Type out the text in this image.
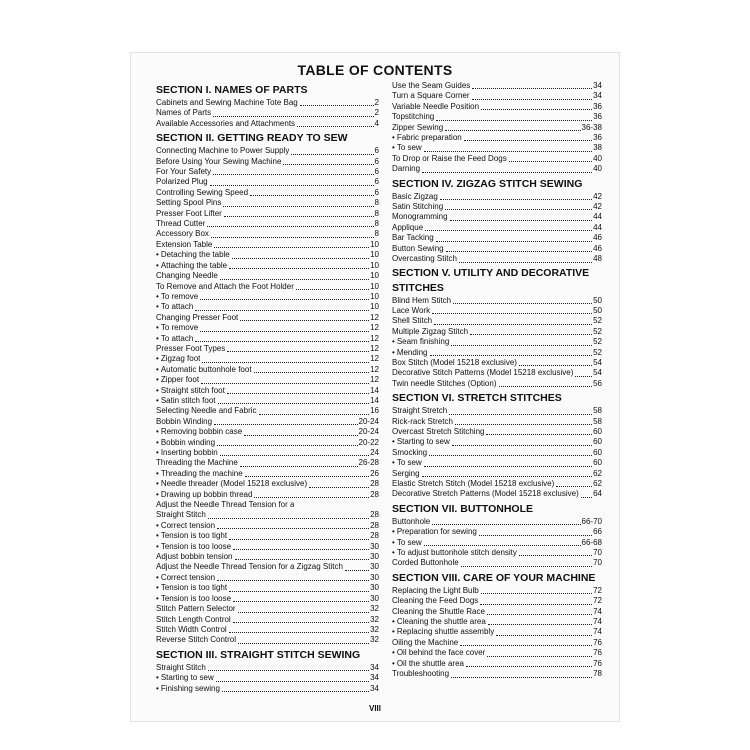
TABLE OF CONTENTS
SECTION I. NAMES OF PARTS
Cabinets and Sewing Machine Tote Bag	2
Names of Parts	2
Available Accessories and Attachments	4
SECTION II. GETTING READY TO SEW
Connecting Machine to Power Supply	6
Before Using Your Sewing Machine	6
For Your Safety	6
Polarized Plug	6
Controlling Sewing Speed	6
Setting Spool Pins	8
Presser Foot Lifter	8
Thread Cutter	8
Accessory Box	8
Extension Table	10
• Detaching the table	10
• Attaching the table	10
Changing Needle	10
To Remove and Attach the Foot Holder	10
• To remove	10
• To attach	10
Changing Presser Foot	12
• To remove	12
• To attach	12
Presser Foot Types	12
• Zigzag foot	12
• Automatic buttonhole foot	12
• Zipper foot	12
• Straight stitch foot	14
• Satin stitch foot	14
Selecting Needle and Fabric	16
Bobbin Winding	20-24
• Removing bobbin case	20-24
• Bobbin winding	20-22
• Inserting bobbin	24
Threading the Machine	26-28
• Threading the machine	26
• Needle threader (Model 15218 exclusive)	28
• Drawing up bobbin thread	28
Adjust the Needle Thread Tension for a
Straight Stitch	28
• Correct tension	28
• Tension is too tight	28
• Tension is too loose	30
Adjust bobbin tension	30
Adjust the Needle Thread Tension for a Zigzag Stitch	30
• Correct tension	30
• Tension is too tight	30
• Tension is too loose	30
Stitch Pattern Selector	32
Stitch Length Control	32
Stitch Width Control	32
Reverse Stitch Control	32
SECTION III. STRAIGHT STITCH SEWING
Straight Stitch	34
• Starting to sew	34
• Finishing sewing	34
Use the Seam Guides	34
Turn a Square Corner	34
Variable Needle Position	36
Topstitching	36
Zipper Sewing	36-38
• Fabric preparation	36
• To sew	38
To Drop or Raise the Feed Dogs	40
Darning	40
SECTION IV. ZIGZAG STITCH SEWING
Basic Zigzag	42
Satin Stitching	42
Monogramming	44
Applique	44
Bar Tacking	46
Button Sewing	46
Overcasting Stitch	48
SECTION V. UTILITY AND DECORATIVE STITCHES
Blind Hem Stitch	50
Lace Work	50
Shell Stitch	52
Multiple Zigzag Stitch	52
• Seam finishing	52
• Mending	52
Box Stitch (Model 15218 exclusive)	54
Decorative Stitch Patterns (Model 15218 exclusive) 54
Twin needle Stitches (Option)	56
SECTION VI. STRETCH STITCHES
Straight Stretch	58
Rick-rack Stretch	58
Overcast Stretch Stitching	60
• Starting to sew	60
Smocking	60
• To sew	60
Serging	62
Elastic Stretch Stitch (Model 15218 exclusive)	62
Decorative Stretch Patterns (Model 15218 exclusive) 64
SECTION VII. BUTTONHOLE
Buttonhole	66-70
• Preparation for sewing	66
• To sew	66-68
• To adjust buttonhole stitch density	70
Corded Buttonhole	70
SECTION VIII. CARE OF YOUR MACHINE
Replacing the Light Bulb	72
Cleaning the Feed Dogs	72
Cleaning the Shuttle Race	74
• Cleaning the shuttle area	74
• Replacing shuttle assembly	74
Oiling the Machine	76
• Oil behind the face cover	76
• Oil the shuttle area	76
Troubleshooting	78
VIII
